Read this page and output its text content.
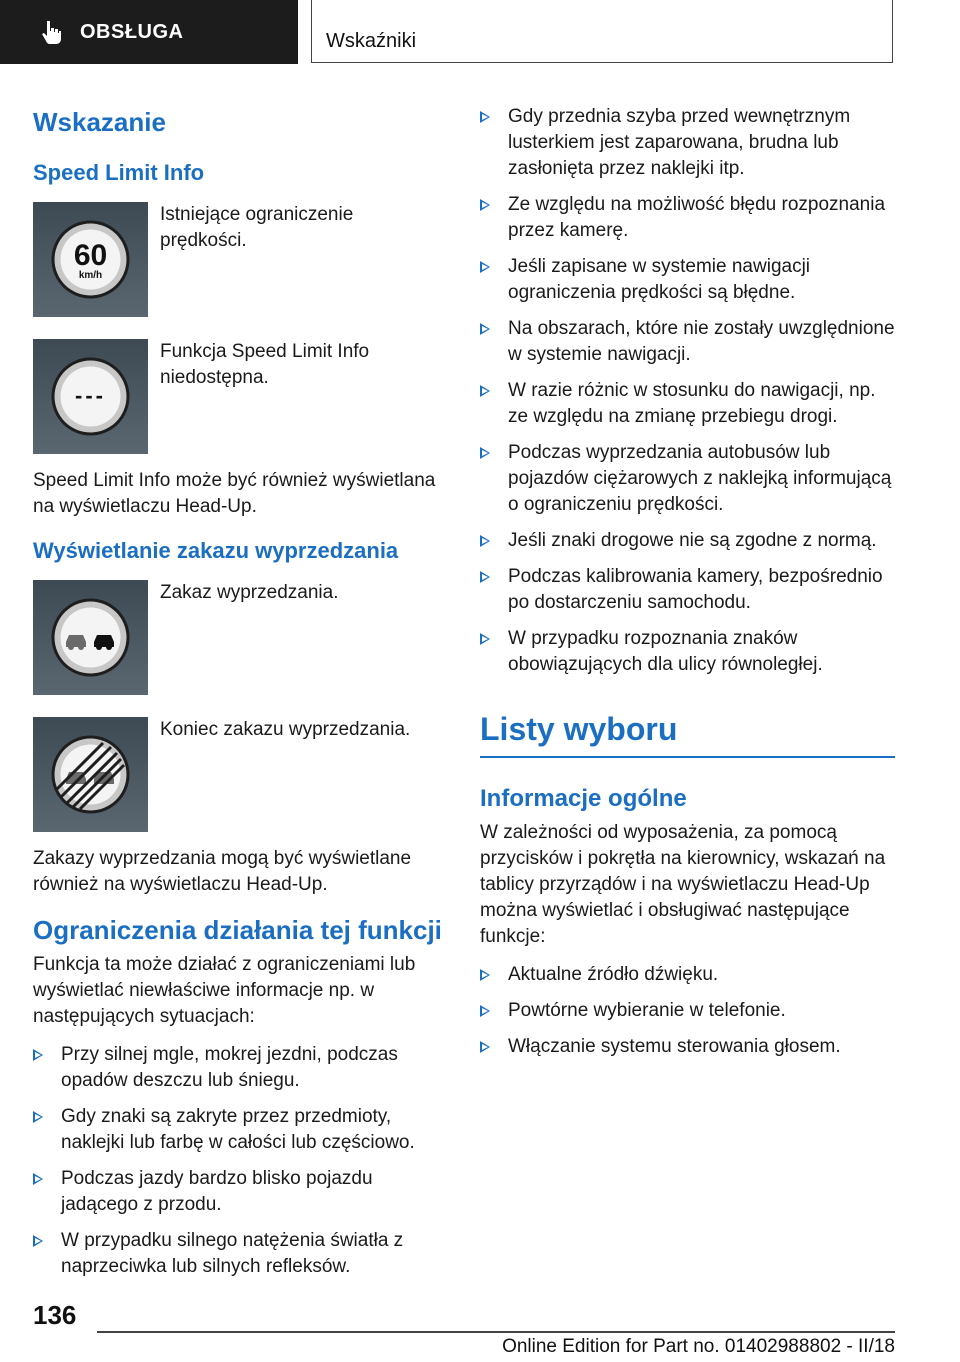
OBSŁUGA	Wskaźniki
Wskazanie
Speed Limit Info
60
km/h

Istniejące ograniczenie prędkości.

---

Funkcja Speed Limit Info niedostępna.

Speed Limit Info może być również wyświetlana na wyświetlaczu Head-Up.

Wyświetlanie zakazu wyprzedzania

Zakaz wyprzedzania.

Koniec zakazu wyprzedzania.

Zakazy wyprzedzania mogą być wyświetlane również na wyświetlaczu Head-Up.

Ograniczenia działania tej funkcji

Funkcja ta może działać z ograniczeniami lub wyświetlać niewłaściwe informacje np. w następujących sytuacjach:

Przy silnej mgle, mokrej jezdni, podczas opadów deszczu lub śniegu.
Gdy znaki są zakryte przez przedmioty, naklejki lub farbę w całości lub częściowo.
Podczas jazdy bardzo blisko pojazdu jadącego z przodu.
W przypadku silnego natężenia światła z naprzeciwka lub silnych refleksów.
Gdy przednia szyba przed wewnętrznym lusterkiem jest zaparowana, brudna lub zasłonięta przez naklejki itp.
Ze względu na możliwość błędu rozpoznania przez kamerę.
Jeśli zapisane w systemie nawigacji ograniczenia prędkości są błędne.
Na obszarach, które nie zostały uwzględnione w systemie nawigacji.
W razie różnic w stosunku do nawigacji, np. ze względu na zmianę przebiegu drogi.
Podczas wyprzedzania autobusów lub pojazdów ciężarowych z naklejką informującą o ograniczeniu prędkości.
Jeśli znaki drogowe nie są zgodne z normą.
Podczas kalibrowania kamery, bezpośrednio po dostarczeniu samochodu.
W przypadku rozpoznania znaków obowiązujących dla ulicy równoległej.
Listy wyboru
Informacje ogólne

W zależności od wyposażenia, za pomocą przycisków i pokrętła na kierownicy, wskazań na tablicy przyrządów i na wyświetlaczu Head-Up można wyświetlać i obsługiwać następujące funkcje:

Aktualne źródło dźwięku.
Powtórne wybieranie w telefonie.
Włączanie systemu sterowania głosem.
136
Online Edition for Part no. 01402988802 - II/18
